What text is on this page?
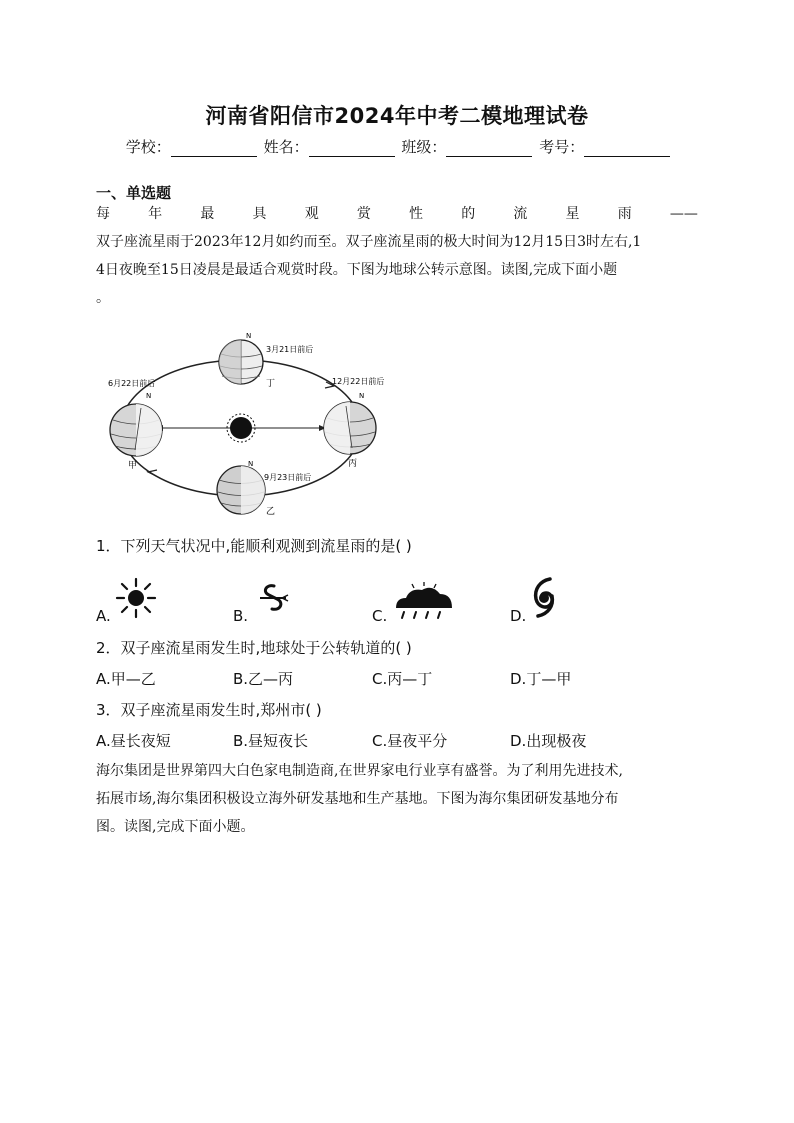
河南省阳信市2024年中考二模地理试卷
学校：	姓名：	班级：	考号：
一、单选题
每	年	最	具	观	赏	性	的	流	星	雨	——
双子座流星雨于2023年12月如约而至。双子座流星雨的极大时间为12月15日3时左右,1
4日夜晚至15日凌晨是最适合观赏时段。下图为地球公转示意图。读图,完成下面小题
。
N
N	N
N
3月21日前后
6月22日前后	12月22日前后
9月23日前后
甲
乙
丙
丁
1．下列天气状况中,能顺利观测到流星雨的是( )
A.	B.	C.	D.
2．双子座流星雨发生时,地球处于公转轨道的( )
A.甲—乙	B.乙—丙	C.丙—丁	D.丁—甲
3．双子座流星雨发生时,郑州市( )
A.昼长夜短	B.昼短夜长	C.昼夜平分	D.出现极夜
海尔集团是世界第四大白色家电制造商,在世界家电行业享有盛誉。为了利用先进技术,
拓展市场,海尔集团积极设立海外研发基地和生产基地。下图为海尔集团研发基地分布
图。读图,完成下面小题。
